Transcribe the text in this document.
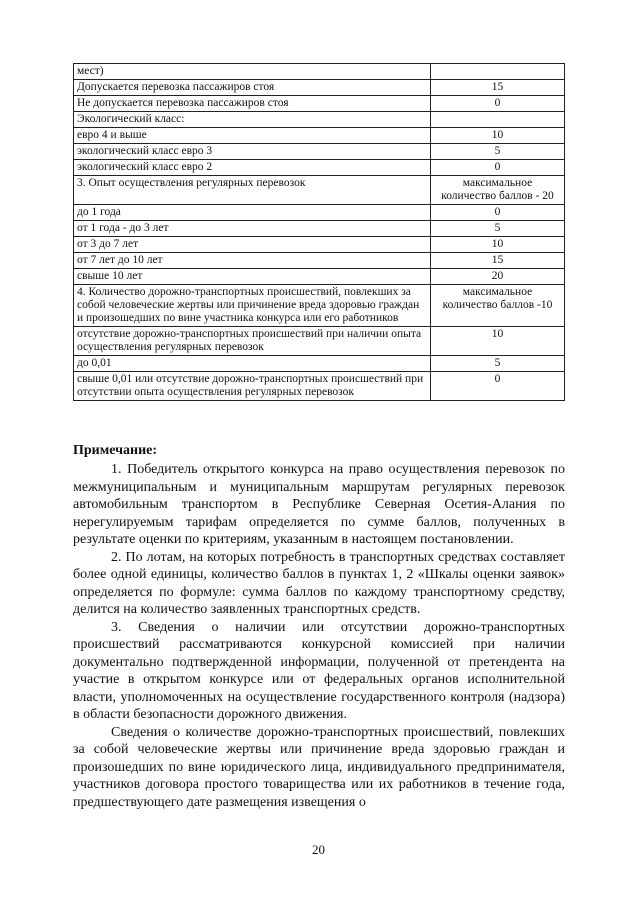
мест)	
Допускается перевозка пассажиров стоя	15
Не допускается перевозка пассажиров стоя	0
Экологический класс:	
евро 4 и выше	10
экологический класс евро 3	5
экологический класс евро 2	0
3. Опыт осуществления регулярных перевозок	максимальное количество баллов - 20
до 1 года	0
от 1 года - до 3 лет	5
от 3 до 7 лет	10
от 7 лет до 10 лет	15
свыше 10 лет	20
4. Количество дорожно-транспортных происшествий, повлекших за собой человеческие жертвы или причинение вреда здоровью граждан и произошедших по вине участника конкурса или его работников	максимальное количество баллов -10
отсутствие дорожно-транспортных происшествий при наличии опыта осуществления регулярных перевозок	10
до 0,01	5
свыше 0,01 или отсутствие дорожно-транспортных происшествий при отсутствии опыта осуществления регулярных перевозок	0
Примечание:

1. Победитель открытого конкурса на право осуществления перевозок по межмуниципальным и муниципальным маршрутам регулярных перевозок автомобильным транспортом в Республике Северная Осетия-Алания по нерегулируемым тарифам определяется по сумме баллов, полученных в результате оценки по критериям, указанным в настоящем постановлении.

2. По лотам, на которых потребность в транспортных средствах составляет более одной единицы, количество баллов в пунктах 1, 2 «Шкалы оценки заявок» определяется по формуле: сумма баллов по каждому транспортному средству, делится на количество заявленных транспортных средств.

3. Сведения о наличии или отсутствии дорожно-транспортных происшествий рассматриваются конкурсной комиссией при наличии документально подтвержденной информации, полученной от претендента на участие в открытом конкурсе или от федеральных органов исполнительной власти, уполномоченных на осуществление государственного контроля (надзора) в области безопасности дорожного движения.

Сведения о количестве дорожно-транспортных происшествий, повлекших за собой человеческие жертвы или причинение вреда здоровью граждан и произошедших по вине юридического лица, индивидуального предпринимателя, участников договора простого товарищества или их работников в течение года, предшествующего дате размещения извещения о

20
